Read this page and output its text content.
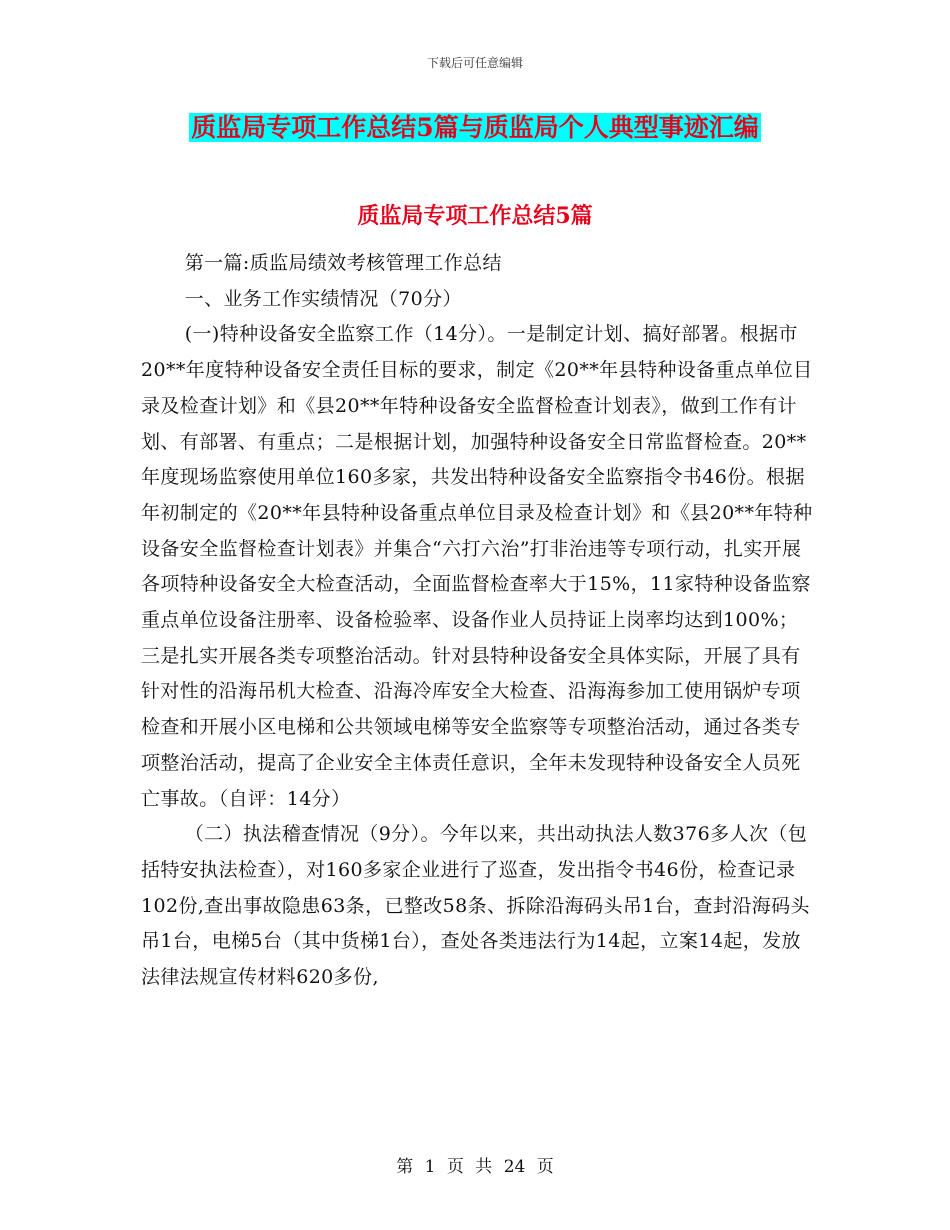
下载后可任意编辑
质监局专项工作总结5篇与质监局个人典型事迹汇编
质监局专项工作总结5篇

第一篇:质监局绩效考核管理工作总结

一、业务工作实绩情况（70分）

(一)特种设备安全监察工作（14分）。一是制定计划、搞好部署。根据市20**年度特种设备安全责任目标的要求，制定《20**年县特种设备重点单位目录及检查计划》和《县20**年特种设备安全监督检查计划表》，做到工作有计划、有部署、有重点；二是根据计划，加强特种设备安全日常监督检查。20**年度现场监察使用单位160多家，共发出特种设备安全监察指令书46份。根据年初制定的《20**年县特种设备重点单位目录及检查计划》和《县20**年特种设备安全监督检查计划表》并集合“六打六治”打非治违等专项行动，扎实开展各项特种设备安全大检查活动，全面监督检查率大于15%，11家特种设备监察重点单位设备注册率、设备检验率、设备作业人员持证上岗率均达到100%；三是扎实开展各类专项整治活动。针对县特种设备安全具体实际，开展了具有针对性的沿海吊机大检查、沿海冷库安全大检查、沿海海参加工使用锅炉专项检查和开展小区电梯和公共领域电梯等安全监察等专项整治活动，通过各类专项整治活动，提高了企业安全主体责任意识，全年未发现特种设备安全人员死亡事故。（自评：14分）

（二）执法稽查情况（9分）。今年以来，共出动执法人数376多人次（包括特安执法检查），对160多家企业进行了巡查，发出指令书46份，检查记录102份,查出事故隐患63条，已整改58条、拆除沿海码头吊1台，查封沿海码头吊1台，电梯5台（其中货梯1台），查处各类违法行为14起，立案14起，发放法律法规宣传材料620多份,

第 1 页 共 24 页
